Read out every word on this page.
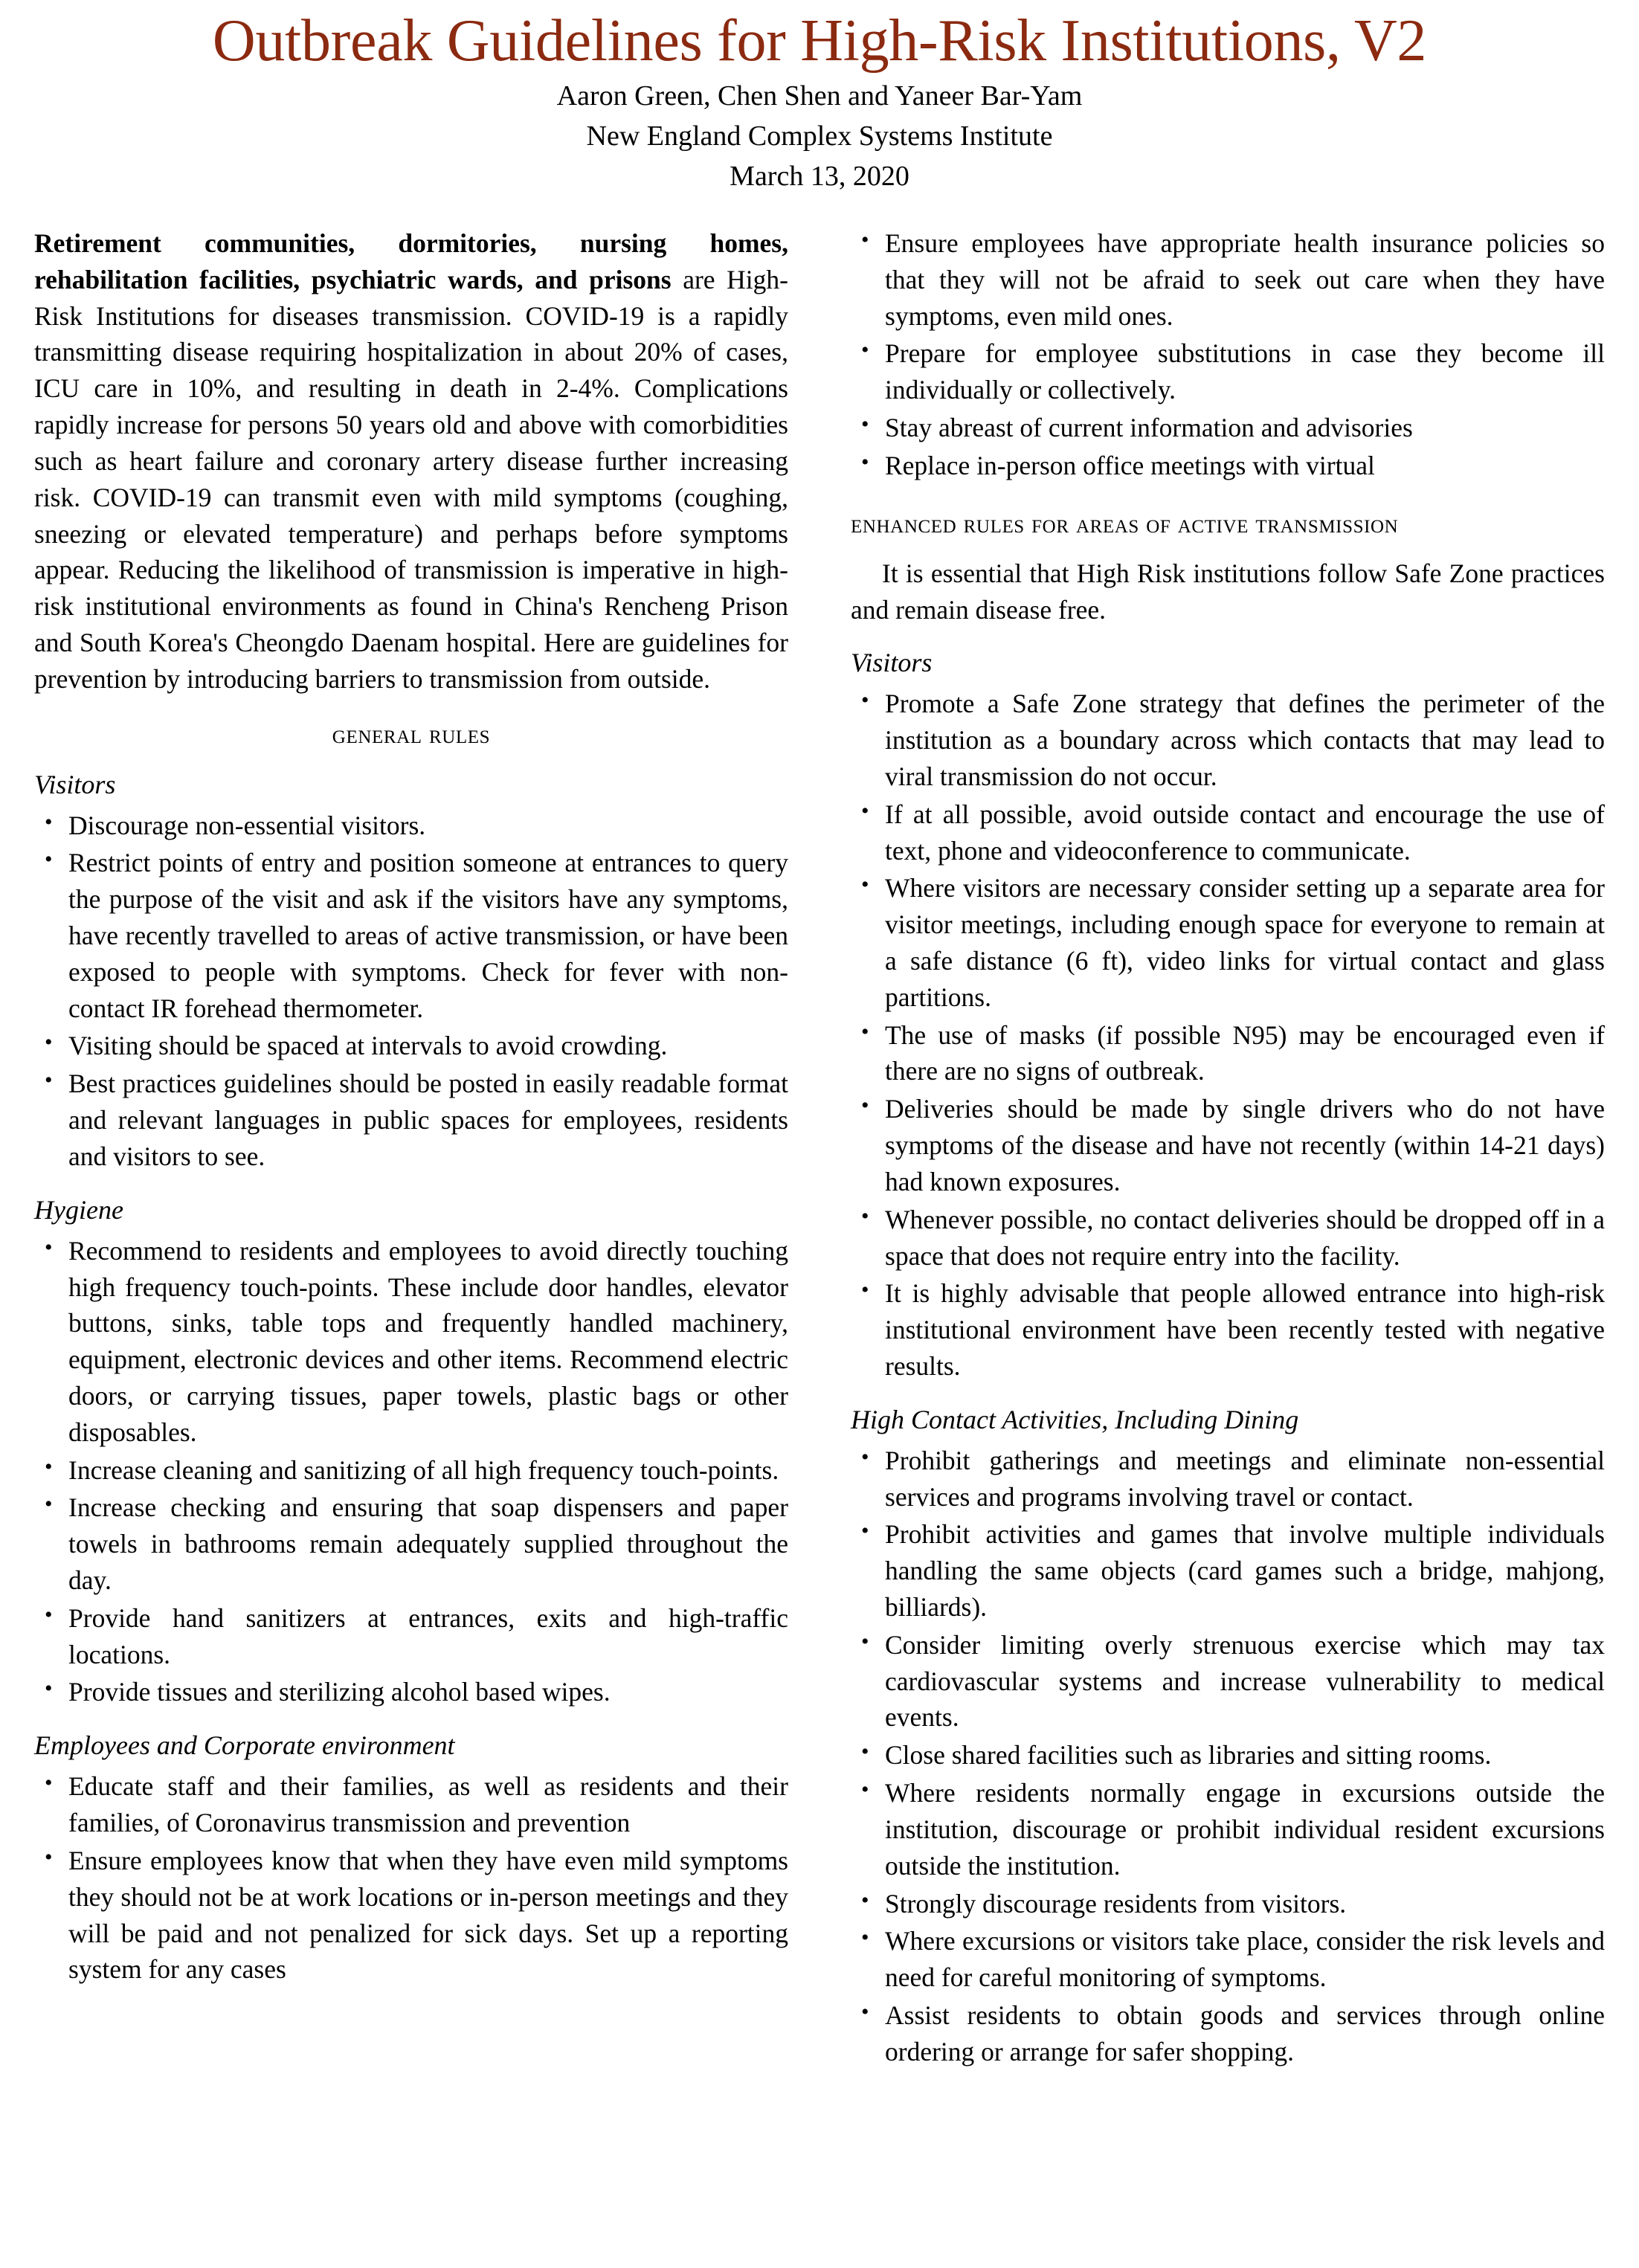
Outbreak Guidelines for High-Risk Institutions, V2

Aaron Green, Chen Shen and Yaneer Bar-Yam

New England Complex Systems Institute

March 13, 2020

Retirement communities, dormitories, nursing homes, rehabilitation facilities, psychiatric wards, and prisons are High-Risk Institutions for diseases transmission. COVID-19 is a rapidly transmitting disease requiring hospitalization in about 20% of cases, ICU care in 10%, and resulting in death in 2-4%. Complications rapidly increase for persons 50 years old and above with comorbidities such as heart failure and coronary artery disease further increasing risk. COVID-19 can transmit even with mild symptoms (coughing, sneezing or elevated temperature) and perhaps before symptoms appear. Reducing the likelihood of transmission is imperative in high-risk institutional environments as found in China's Rencheng Prison and South Korea's Cheongdo Daenam hospital. Here are guidelines for prevention by introducing barriers to transmission from outside.

general rules
Visitors
• Discourage non-essential visitors.
• Restrict points of entry and position someone at entrances to query the purpose of the visit and ask if the visitors have any symptoms, have recently travelled to areas of active transmission, or have been exposed to people with symptoms. Check for fever with non-contact IR forehead thermometer.
• Visiting should be spaced at intervals to avoid crowding.
• Best practices guidelines should be posted in easily readable format and relevant languages in public spaces for employees, residents and visitors to see.
Hygiene
• Recommend to residents and employees to avoid directly touching high frequency touch-points. These include door handles, elevator buttons, sinks, table tops and frequently handled machinery, equipment, electronic devices and other items. Recommend electric doors, or carrying tissues, paper towels, plastic bags or other disposables.
• Increase cleaning and sanitizing of all high frequency touch-points.
• Increase checking and ensuring that soap dispensers and paper towels in bathrooms remain adequately supplied throughout the day.
• Provide hand sanitizers at entrances, exits and high-traffic locations.
• Provide tissues and sterilizing alcohol based wipes.
Employees and Corporate environment
• Educate staff and their families, as well as residents and their families, of Coronavirus transmission and prevention
• Ensure employees know that when they have even mild symptoms they should not be at work locations or in-person meetings and they will be paid and not penalized for sick days. Set up a reporting system for any cases
• Ensure employees have appropriate health insurance policies so that they will not be afraid to seek out care when they have symptoms, even mild ones.
• Prepare for employee substitutions in case they become ill individually or collectively.
• Stay abreast of current information and advisories
• Replace in-person office meetings with virtual
enhanced rules for areas of active transmission

It is essential that High Risk institutions follow Safe Zone practices and remain disease free.

Visitors
• Promote a Safe Zone strategy that defines the perimeter of the institution as a boundary across which contacts that may lead to viral transmission do not occur.
• If at all possible, avoid outside contact and encourage the use of text, phone and videoconference to communicate.
• Where visitors are necessary consider setting up a separate area for visitor meetings, including enough space for everyone to remain at a safe distance (6 ft), video links for virtual contact and glass partitions.
• The use of masks (if possible N95) may be encouraged even if there are no signs of outbreak.
• Deliveries should be made by single drivers who do not have symptoms of the disease and have not recently (within 14-21 days) had known exposures.
• Whenever possible, no contact deliveries should be dropped off in a space that does not require entry into the facility.
• It is highly advisable that people allowed entrance into high-risk institutional environment have been recently tested with negative results.
High Contact Activities, Including Dining
• Prohibit gatherings and meetings and eliminate non-essential services and programs involving travel or contact.
• Prohibit activities and games that involve multiple individuals handling the same objects (card games such a bridge, mahjong, billiards).
• Consider limiting overly strenuous exercise which may tax cardiovascular systems and increase vulnerability to medical events.
• Close shared facilities such as libraries and sitting rooms.
• Where residents normally engage in excursions outside the institution, discourage or prohibit individual resident excursions outside the institution.
• Strongly discourage residents from visitors.
• Where excursions or visitors take place, consider the risk levels and need for careful monitoring of symptoms.
• Assist residents to obtain goods and services through online ordering or arrange for safer shopping.
